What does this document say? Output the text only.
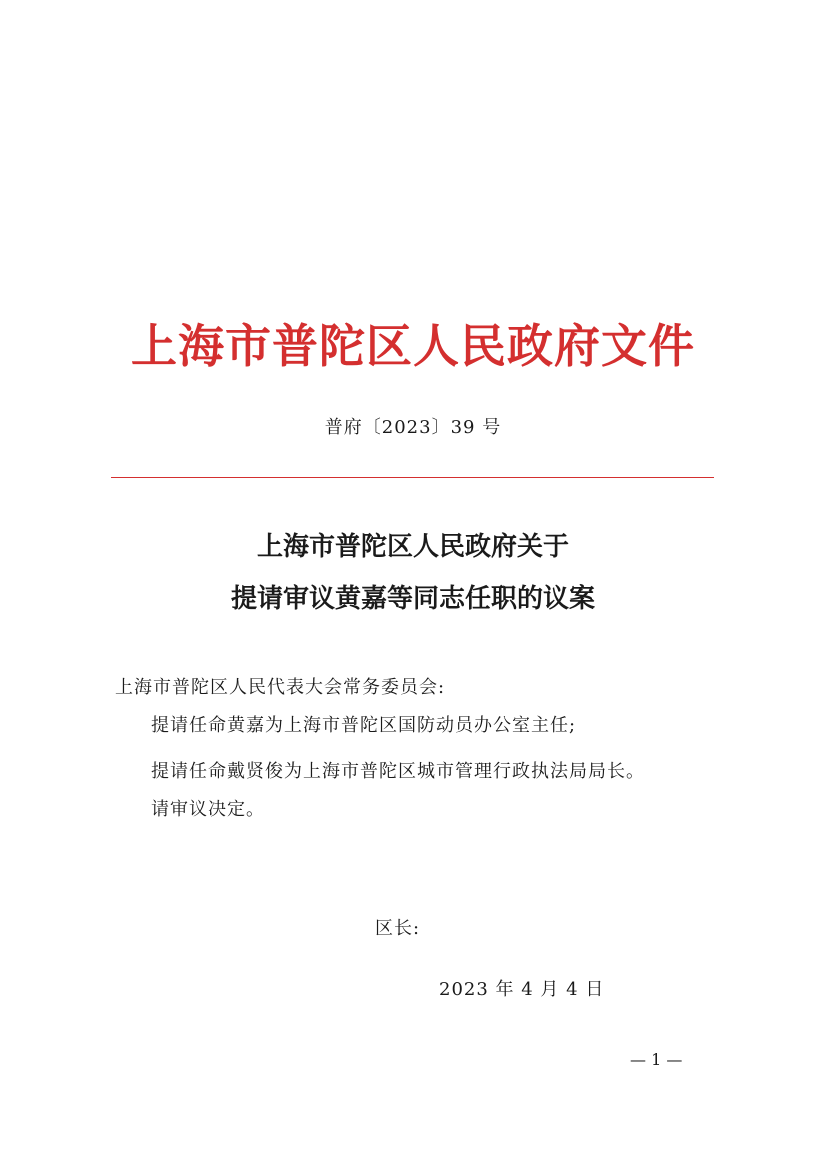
上海市普陀区人民政府文件
普府〔2023〕39 号
上海市普陀区人民政府关于
提请审议黄嘉等同志任职的议案
上海市普陀区人民代表大会常务委员会:
提请任命黄嘉为上海市普陀区国防动员办公室主任;
提请任命戴贤俊为上海市普陀区城市管理行政执法局局长。
请审议决定。
区长:
2023 年 4 月 4 日
— 1 —
